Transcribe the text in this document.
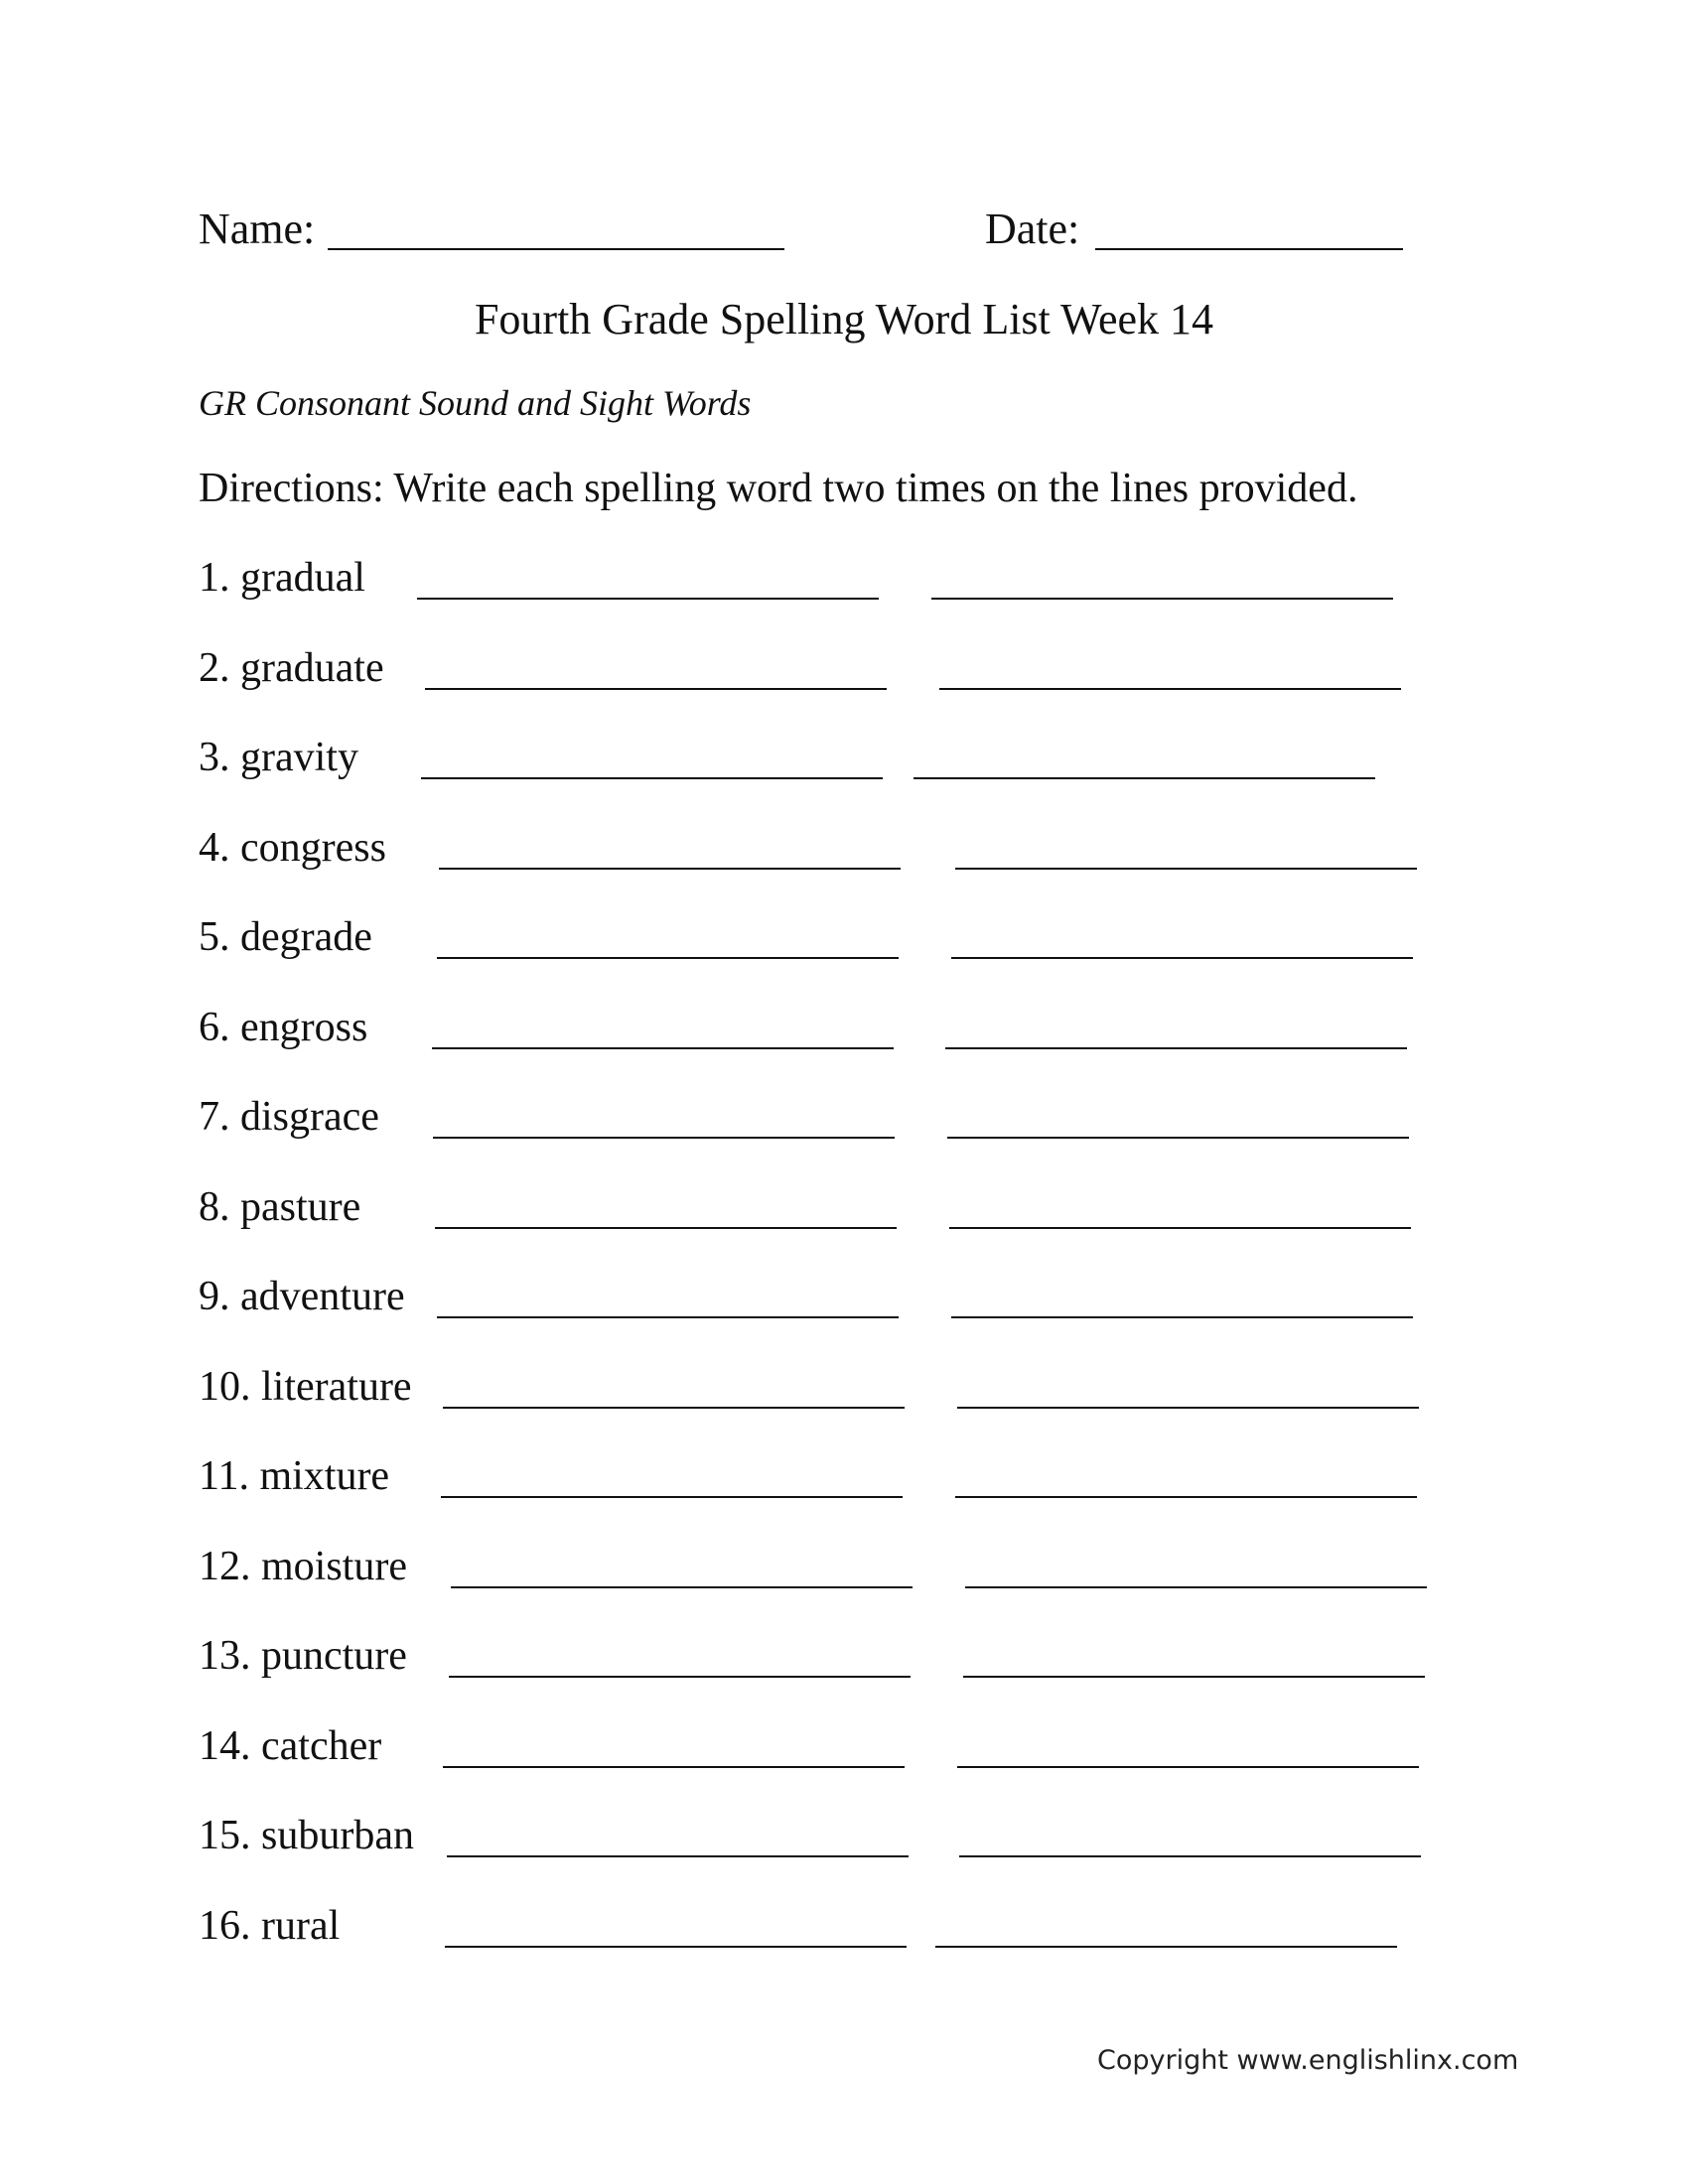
Name:	Date:
Fourth Grade Spelling Word List Week 14
GR Consonant Sound and Sight Words
Directions: Write each spelling word two times on the lines provided.
1. gradual
2. graduate
3. gravity
4. congress
5. degrade
6. engross
7. disgrace
8. pasture
9. adventure
10. literature
11. mixture
12. moisture
13. puncture
14. catcher
15. suburban
16. rural
Copyright www.englishlinx.com
